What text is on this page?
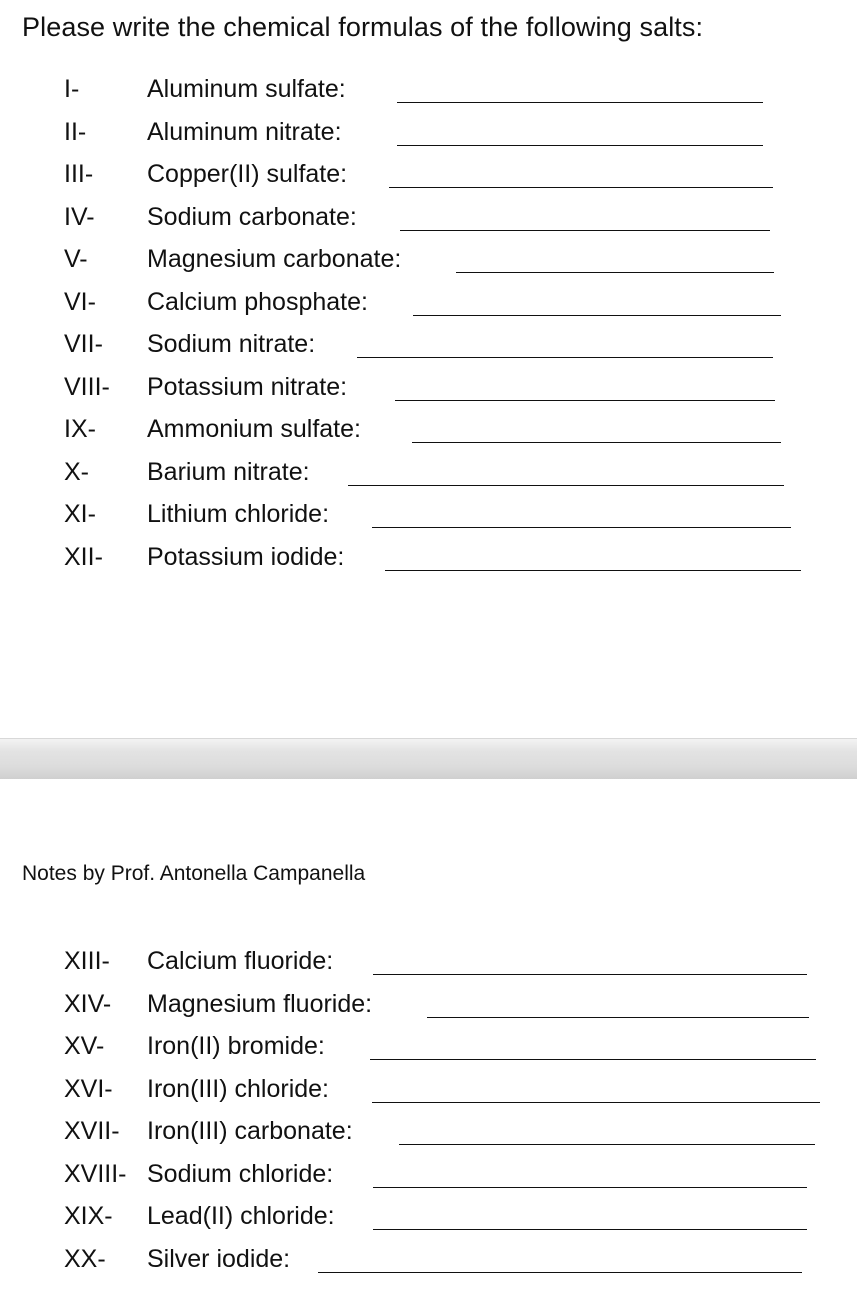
Please write the chemical formulas of the following salts:
I-	Aluminum sulfate:
II- Aluminum nitrate:
III- Copper(II) sulfate:
IV- Sodium carbonate:
V- Magnesium carbonate:
VI- Calcium phosphate:
VII- Sodium nitrate:
VIII- Potassium nitrate:
IX- Ammonium sulfate:
X- Barium nitrate:
XI- Lithium chloride:
XII- Potassium iodide:
Notes by Prof. Antonella Campanella
XIII- Calcium fluoride:
XIV- Magnesium fluoride:
XV- Iron(II) bromide:
XVI- Iron(III) chloride:
XVII- Iron(III) carbonate:
XVIII- Sodium chloride:
XIX- Lead(II) chloride:
XX- Silver iodide:
